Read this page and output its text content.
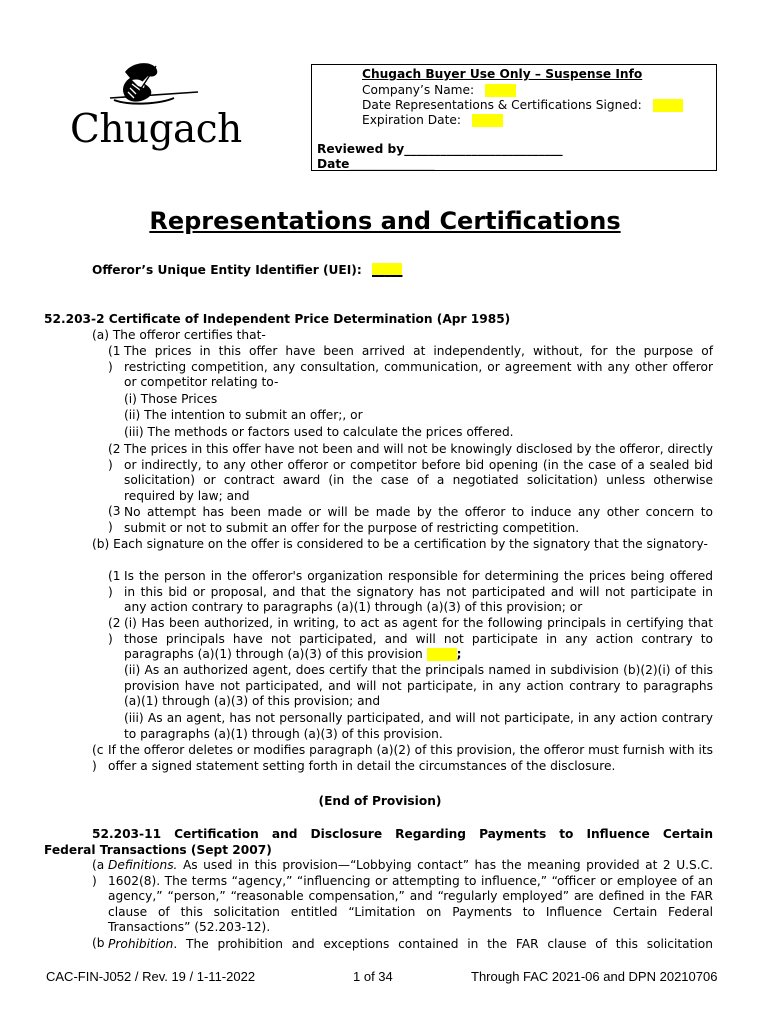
Chugach
Chugach Buyer Use Only – Suspense Info
Company’s Name:
Date Representations & Certifications Signed:
Expiration Date:
Reviewed by__________________________
Date______________
Representations and Certifications
Offeror’s Unique Entity Identifier (UEI): _____
52.203-2 Certificate of Independent Price Determination (Apr 1985)
(a) The offeror certifies that-
(1
)
The prices in this offer have been arrived at independently, without, for the purpose of restricting competition, any consultation, communication, or agreement with any other offeror or competitor relating to-
(i) Those Prices
(ii) The intention to submit an offer;, or
(iii) The methods or factors used to calculate the prices offered.
(2
)
The prices in this offer have not been and will not be knowingly disclosed by the offeror, directly or indirectly, to any other offeror or competitor before bid opening (in the case of a sealed bid solicitation) or contract award (in the case of a negotiated solicitation) unless otherwise required by law; and
(3
)
No attempt has been made or will be made by the offeror to induce any other concern to submit or not to submit an offer for the purpose of restricting competition.
(b) Each signature on the offer is considered to be a certification by the signatory that the signatory-
(1
)
Is the person in the offeror's organization responsible for determining the prices being offered in this bid or proposal, and that the signatory has not participated and will not participate in any action contrary to paragraphs (a)(1) through (a)(3) of this provision; or
(2
)
(i) Has been authorized, in writing, to act as agent for the following principals in certifying that those principals have not participated, and will not participate in any action contrary to paragraphs (a)(1) through (a)(3) of this provision	;
(ii) As an authorized agent, does certify that the principals named in subdivision (b)(2)(i) of this provision have not participated, and will not participate, in any action contrary to paragraphs (a)(1) through (a)(3) of this provision; and
(iii) As an agent, has not personally participated, and will not participate, in any action contrary to paragraphs (a)(1) through (a)(3) of this provision.
(c
)
If the offeror deletes or modifies paragraph (a)(2) of this provision, the offeror must furnish with its offer a signed statement setting forth in detail the circumstances of the disclosure.
(End of Provision)
52.203-11 Certification and Disclosure Regarding Payments to Influence Certain
Federal Transactions (Sept 2007)
(a
)
Definitions. As used in this provision—“Lobbying contact” has the meaning provided at 2 U.S.C. 1602(8). The terms “agency,” “influencing or attempting to influence,” “officer or employee of an agency,” “person,” “reasonable compensation,” and “regularly employed” are defined in the FAR clause of this solicitation entitled “Limitation on Payments to Influence Certain Federal Transactions” (52.203-12).
(b Prohibition. The prohibition and exceptions contained in the FAR clause of this solicitation
CAC-FIN-J052 / Rev. 19 / 1-11-2022	1 of 34	Through FAC 2021-06 and DPN 20210706
